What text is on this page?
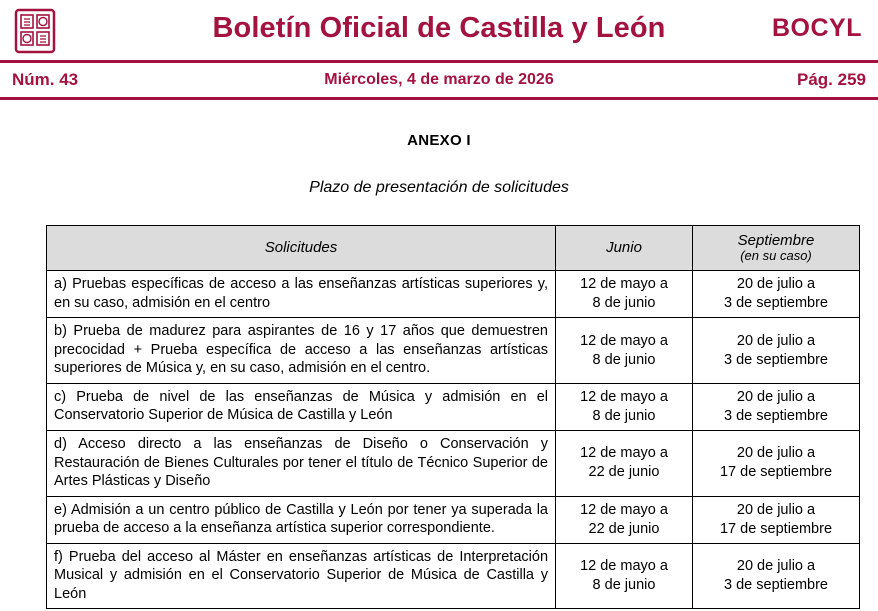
Boletín Oficial de Castilla y León	BOCYL
Núm. 43	Miércoles, 4 de marzo de 2026	Pág. 259
ANEXO I
Plazo de presentación de solicitudes
Solicitudes	Junio	Septiembre
(en su caso)

a) Pruebas específicas de acceso a las enseñanzas artísticas superiores y, en su caso, admisión en el centro	12 de mayo a
8 de junio	20 de julio a
3 de septiembre
b) Prueba de madurez para aspirantes de 16 y 17 años que demuestren precocidad + Prueba específica de acceso a las enseñanzas artísticas superiores de Música y, en su caso, admisión en el centro.	12 de mayo a
8 de junio	20 de julio a
3 de septiembre
c) Prueba de nivel de las enseñanzas de Música y admisión en el Conservatorio Superior de Música de Castilla y León	12 de mayo a
8 de junio	20 de julio a
3 de septiembre
d) Acceso directo a las enseñanzas de Diseño o Conservación y Restauración de Bienes Culturales por tener el título de Técnico Superior de Artes Plásticas y Diseño	12 de mayo a
22 de junio	20 de julio a
17 de septiembre
e) Admisión a un centro público de Castilla y León por tener ya superada la prueba de acceso a la enseñanza artística superior correspondiente.	12 de mayo a
22 de junio	20 de julio a
17 de septiembre
f) Prueba del acceso al Máster en enseñanzas artísticas de Interpretación Musical y admisión en el Conservatorio Superior de Música de Castilla y León	12 de mayo a
8 de junio	20 de julio a
3 de septiembre
